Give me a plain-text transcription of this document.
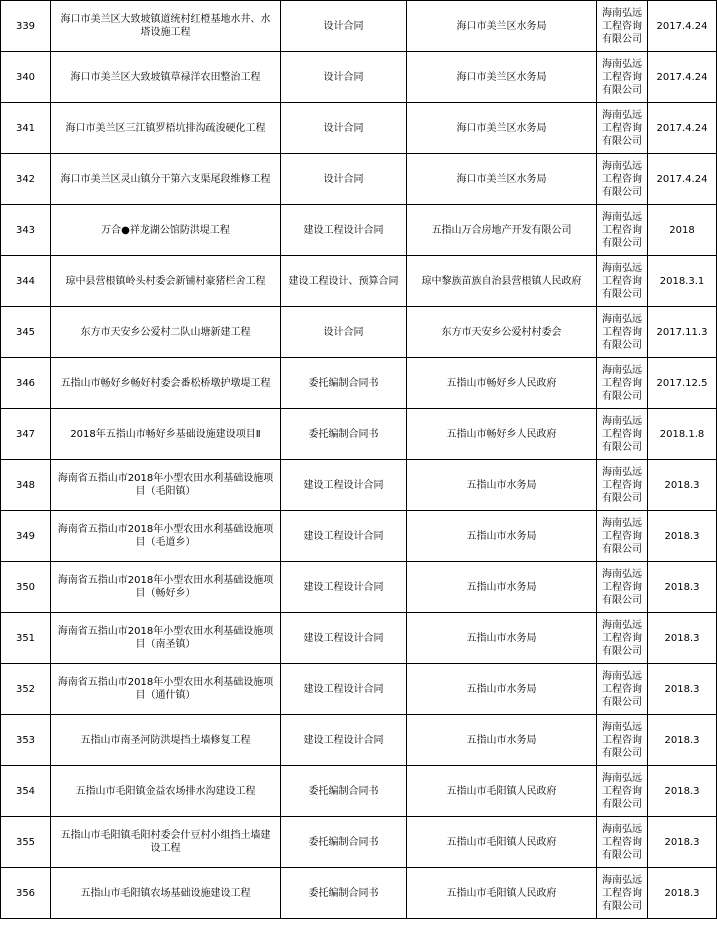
339	海口市美兰区大致坡镇道统村红橙基地水井、水塔设施工程	设计合同	海口市美兰区水务局	海南弘远工程咨询有限公司	2017.4.24
340	海口市美兰区大致坡镇草禄洋农田整治工程	设计合同	海口市美兰区水务局	海南弘远工程咨询有限公司	2017.4.24
341	海口市美兰区三江镇罗梧坑排沟疏浚硬化工程	设计合同	海口市美兰区水务局	海南弘远工程咨询有限公司	2017.4.24
342	海口市美兰区灵山镇分干第六支渠尾段维修工程	设计合同	海口市美兰区水务局	海南弘远工程咨询有限公司	2017.4.24
343	万合●祥龙湖公馆防洪堤工程	建设工程设计合同	五指山万合房地产开发有限公司	海南弘远工程咨询有限公司	2018
344	琼中县营根镇岭头村委会新铺村豪猪栏舍工程	建设工程设计、预算合同	琼中黎族苗族自治县营根镇人民政府	海南弘远工程咨询有限公司	2018.3.1
345	东方市天安乡公爱村二队山塘新建工程	设计合同	东方市天安乡公爱村村委会	海南弘远工程咨询有限公司	2017.11.3
346	五指山市畅好乡畅好村委会番松桥墩护墩堤工程	委托编制合同书	五指山市畅好乡人民政府	海南弘远工程咨询有限公司	2017.12.5
347	2018年五指山市畅好乡基础设施建设项目Ⅱ	委托编制合同书	五指山市畅好乡人民政府	海南弘远工程咨询有限公司	2018.1.8
348	海南省五指山市2018年小型农田水利基础设施项目（毛阳镇）	建设工程设计合同	五指山市水务局	海南弘远工程咨询有限公司	2018.3
349	海南省五指山市2018年小型农田水利基础设施项目（毛道乡）	建设工程设计合同	五指山市水务局	海南弘远工程咨询有限公司	2018.3
350	海南省五指山市2018年小型农田水利基础设施项目（畅好乡）	建设工程设计合同	五指山市水务局	海南弘远工程咨询有限公司	2018.3
351	海南省五指山市2018年小型农田水利基础设施项目（南圣镇）	建设工程设计合同	五指山市水务局	海南弘远工程咨询有限公司	2018.3
352	海南省五指山市2018年小型农田水利基础设施项目（通什镇）	建设工程设计合同	五指山市水务局	海南弘远工程咨询有限公司	2018.3
353	五指山市南圣河防洪堤挡土墙修复工程	建设工程设计合同	五指山市水务局	海南弘远工程咨询有限公司	2018.3
354	五指山市毛阳镇金益农场排水沟建设工程	委托编制合同书	五指山市毛阳镇人民政府	海南弘远工程咨询有限公司	2018.3
355	五指山市毛阳镇毛阳村委会什豆村小组挡土墙建设工程	委托编制合同书	五指山市毛阳镇人民政府	海南弘远工程咨询有限公司	2018.3
356	五指山市毛阳镇农场基础设施建设工程	委托编制合同书	五指山市毛阳镇人民政府	海南弘远工程咨询有限公司	2018.3
